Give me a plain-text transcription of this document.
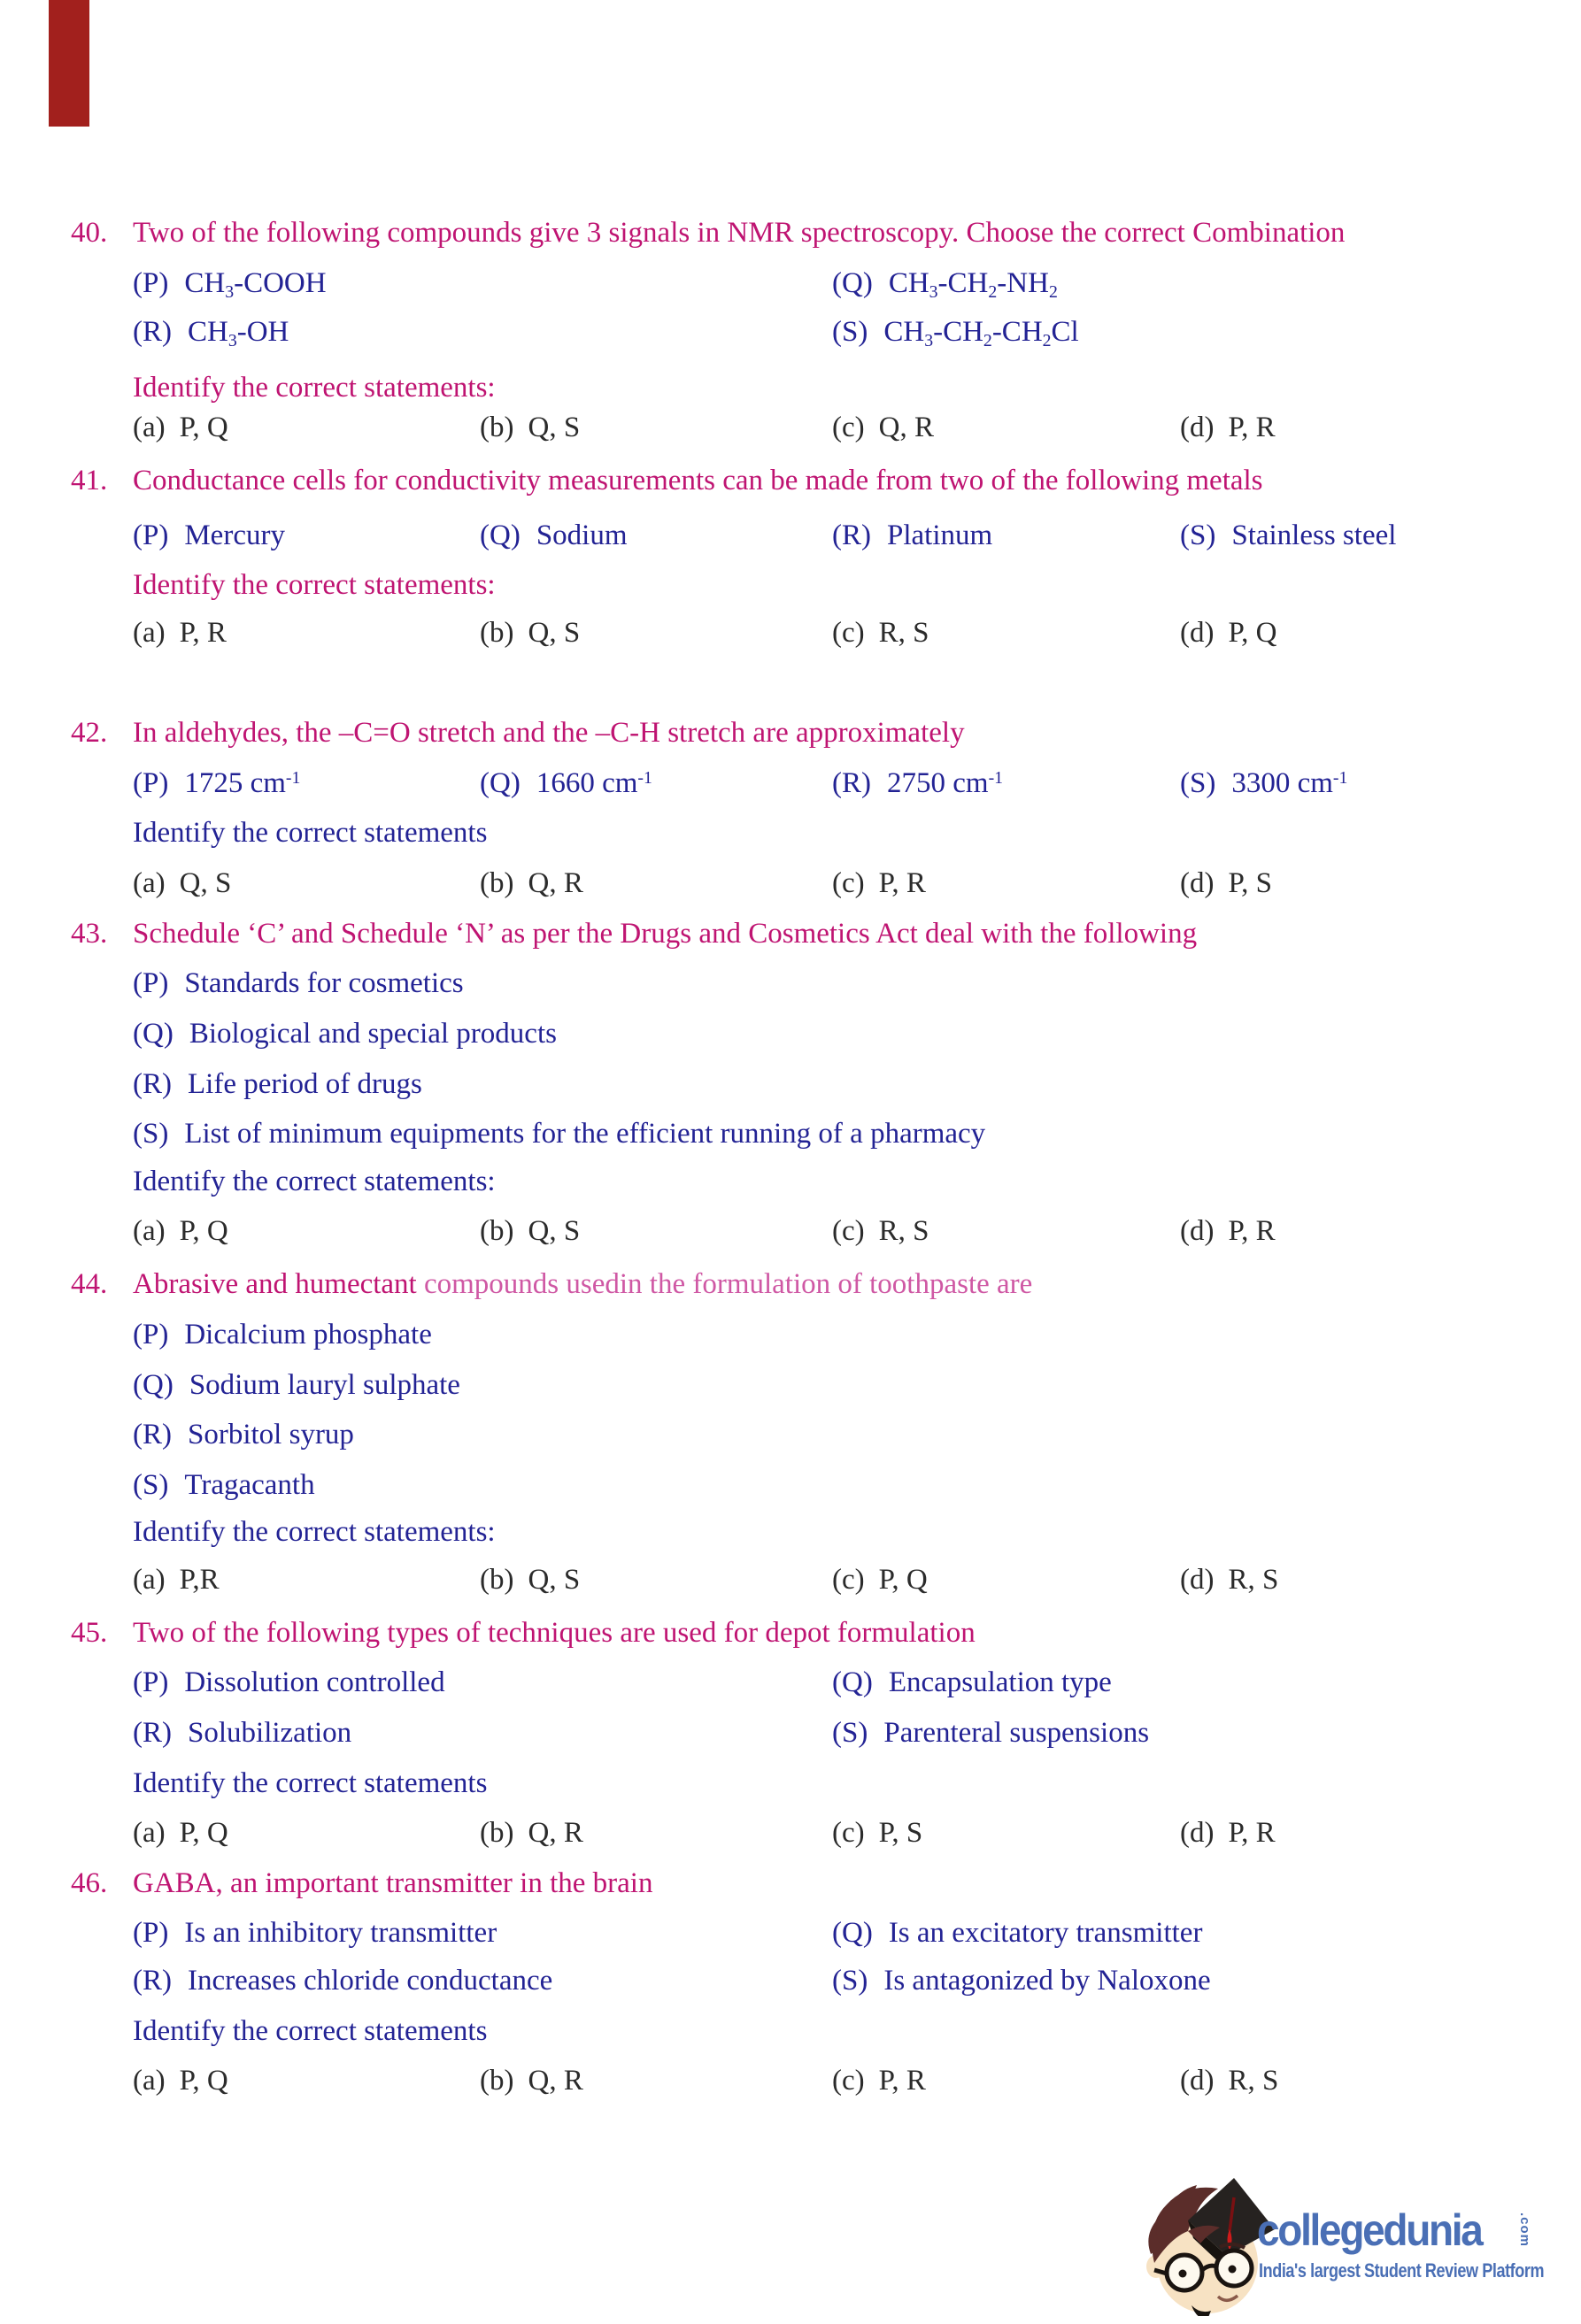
40. Two of the following compounds give 3 signals in NMR spectroscopy. Choose the correct Combination
(P) $CH_3$-COOH	(Q) $CH_3-CH_2-NH_2$
(R) $CH_3-OH$	(S) $CH_3-CH_2-CH_2Cl$
Identify the correct statements:
(a) P, Q	(b) Q, S	(c) Q, R	(d) P, R
41. Conductance cells for conductivity measurements can be made from two of the following metals
(P) Mercury	(Q) Sodium	(R) Platinum	(S) Stainless steel
Identify the correct statements:
(a) P, R	(b) Q, S	(c) R, S	(d) P, Q
42. In aldehydes, the –C=O stretch and the –C-H stretch are approximately
(P) 1725 $cm^{-1}$	(Q) 1660 $cm^{-1}$	(R) 2750 $cm^{-1}$	(S) 3300 $cm^{-1}$
Identify the correct statements
(a) Q, S	(b) Q, R	(c) P, R	(d) P, S
43. Schedule ‘C’ and Schedule ‘N’ as per the Drugs and Cosmetics Act deal with the following
(P) Standards for cosmetics
(Q) Biological and special products
(R) Life period of drugs
(S) List of minimum equipments for the efficient running of a pharmacy
Identify the correct statements:
(a) P, Q	(b) Q, S	(c) R, S	(d) P, R
44. Abrasive and humectant compounds usedin the formulation of toothpaste are
(P) Dicalcium phosphate
(Q) Sodium lauryl sulphate
(R) Sorbitol syrup
(S) Tragacanth
Identify the correct statements:
(a) P,R	(b) Q, S	(c) P, Q	(d) R, S
45. Two of the following types of techniques are used for depot formulation
(P) Dissolution controlled	(Q) Encapsulation type
(R) Solubilization	(S) Parenteral suspensions
Identify the correct statements
(a) P, Q	(b) Q, R	(c) P, S	(d) P, R
46. GABA, an important transmitter in the brain
(P) Is an inhibitory transmitter	(Q) Is an excitatory transmitter
(R) Increases chloride conductance	(S) Is antagonized by Naloxone
Identify the correct statements
(a) P, Q	(b) Q, R	(c) P, R	(d) R, S
collegedunia	.com
India's largest Student Review Platform
